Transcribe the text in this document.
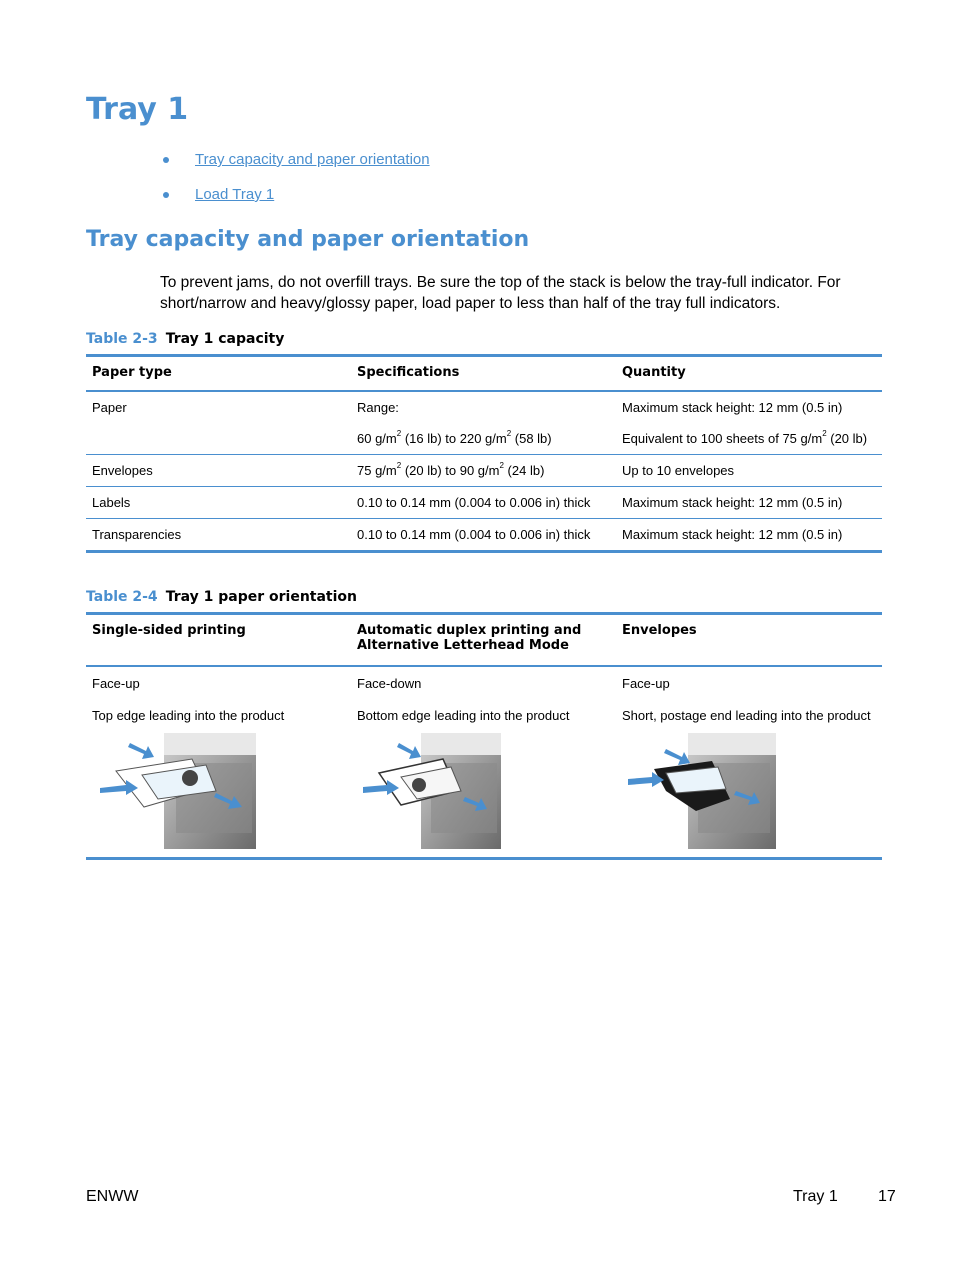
Tray 1
Tray capacity and paper orientation
Load Tray 1
Tray capacity and paper orientation

To prevent jams, do not overfill trays. Be sure the top of the stack is below the tray-full indicator. For short/narrow and heavy/glossy paper, load paper to less than half of the tray full indicators.

Table 2-3 Tray 1 capacity
Paper type	Specifications	Quantity
Paper	Range:	Maximum stack height: 12 mm (0.5 in)
	60 $g/m^2$ (16 lb) to 220 $g/m^2$ (58 lb)	Equivalent to 100 sheets of 75 $g/m^2$ (20 lb)
Envelopes	75 $g/m^2$ (20 lb) to 90 $g/m^2$ (24 lb)	Up to 10 envelopes
Labels	0.10 to 0.14 mm (0.004 to 0.006 in) thick	Maximum stack height: 12 mm (0.5 in)
Transparencies	0.10 to 0.14 mm (0.004 to 0.006 in) thick	Maximum stack height: 12 mm (0.5 in)
Table 2-4 Tray 1 paper orientation
Single-sided printing	Automatic duplex printing and Alternative Letterhead Mode	Envelopes
Face-up	Face-down	Face-up
Top edge leading into the product	Bottom edge leading into the product	Short, postage end leading into the product

ENWW	Tray 1	17
